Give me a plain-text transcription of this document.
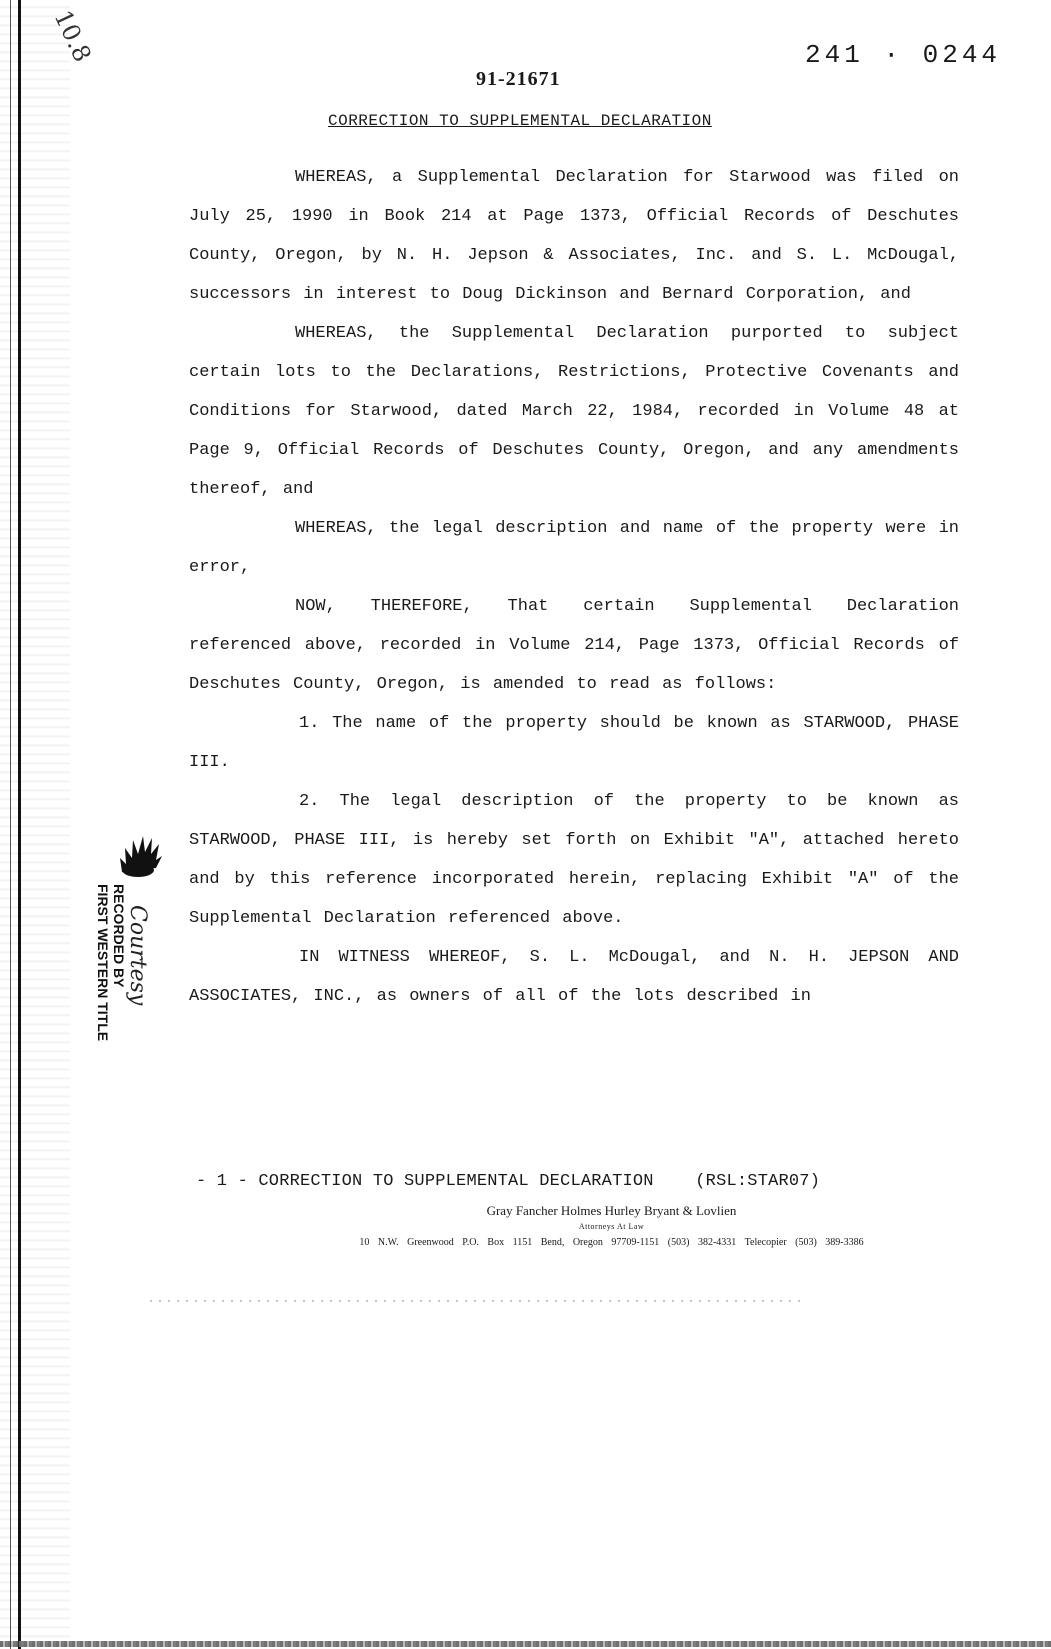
10.8	241 ∙ 0244
91-21671
CORRECTION TO SUPPLEMENTAL DECLARATION

WHEREAS, a Supplemental Declaration for Starwood was filed on July 25, 1990 in Book 214 at Page 1373, Official Records of Deschutes County, Oregon, by N. H. Jepson & Associates, Inc. and S. L. McDougal, successors in interest to Doug Dickinson and Bernard Corporation, and

WHEREAS, the Supplemental Declaration purported to subject certain lots to the Declarations, Restrictions, Protective Covenants and Conditions for Starwood, dated March 22, 1984, recorded in Volume 48 at Page 9, Official Records of Deschutes County, Oregon, and any amendments thereof, and

WHEREAS, the legal description and name of the property were in error,

NOW, THEREFORE, That certain Supplemental Declaration referenced above, recorded in Volume 214, Page 1373, Official Records of Deschutes County, Oregon, is amended to read as follows:

1. The name of the property should be known as STARWOOD, PHASE III.

2. The legal description of the property to be known as STARWOOD, PHASE III, is hereby set forth on Exhibit "A", attached hereto and by this reference incorporated herein, replacing Exhibit "A" of the Supplemental Declaration referenced above.

IN WITNESS WHEREOF, S. L. McDougal, and N. H. JEPSON AND ASSOCIATES, INC., as owners of all of the lots described in

- 1 - CORRECTION TO SUPPLEMENTAL DECLARATION    (RSL:STAR07)
Gray Fancher Holmes Hurley Bryant & Lovlien
Attorneys At Law
10 N.W. Greenwood P.O. Box 1151 Bend, Oregon 97709-1151 (503) 382-4331 Telecopier (503) 389-3386
RECORDED BY
FIRST WESTERN TITLE Courtesy
